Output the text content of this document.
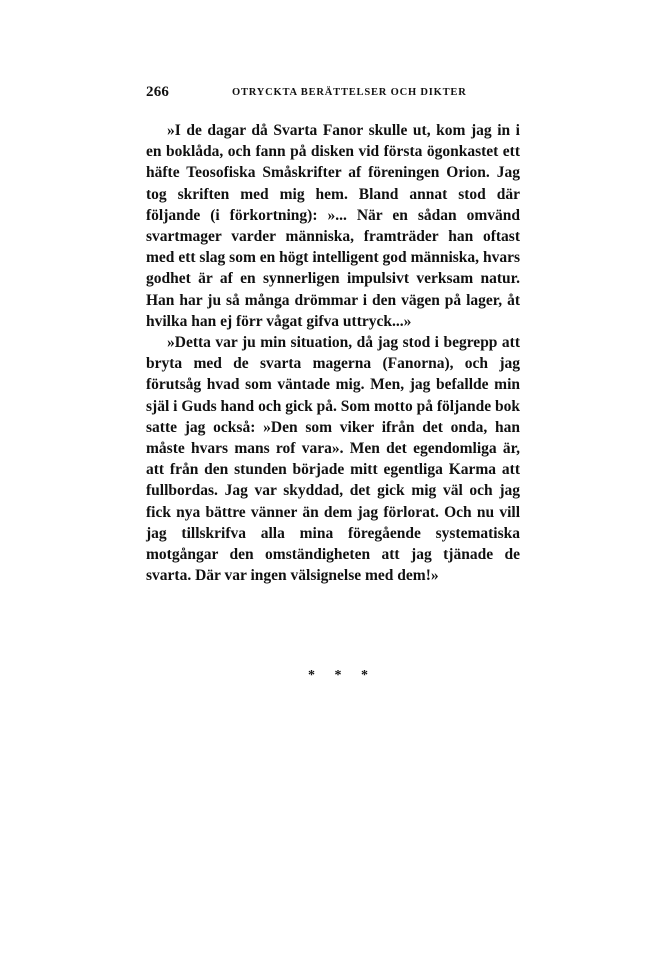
266	OTRYCKTA BERÄTTELSER OCH DIKTER

»I de dagar då Svarta Fanor skulle ut, kom jag in i en boklåda, och fann på disken vid första ögonkastet ett häfte Teosofiska Småskrifter af föreningen Orion. Jag tog skriften med mig hem. Bland annat stod där följande (i förkortning): »... När en sådan omvänd svartmager varder människa, framträder han oftast med ett slag som en högt intelligent god människa, hvars godhet är af en synnerligen impulsivt verksam natur. Han har ju så många drömmar i den vägen på lager, åt hvilka han ej förr vågat gifva uttryck...»

»Detta var ju min situation, då jag stod i begrepp att bryta med de svarta magerna (Fanorna), och jag förutsåg hvad som väntade mig. Men, jag befallde min själ i Guds hand och gick på. Som motto på följande bok satte jag också: »Den som viker ifrån det onda, han måste hvars mans rof vara». Men det egendomliga är, att från den stunden började mitt egentliga Karma att fullbordas. Jag var skyddad, det gick mig väl och jag fick nya bättre vänner än dem jag förlorat. Och nu vill jag tillskrifva alla mina föregående systematiska motgångar den omständigheten att jag tjänade de svarta. Där var ingen välsignelse med dem!»

* * *
